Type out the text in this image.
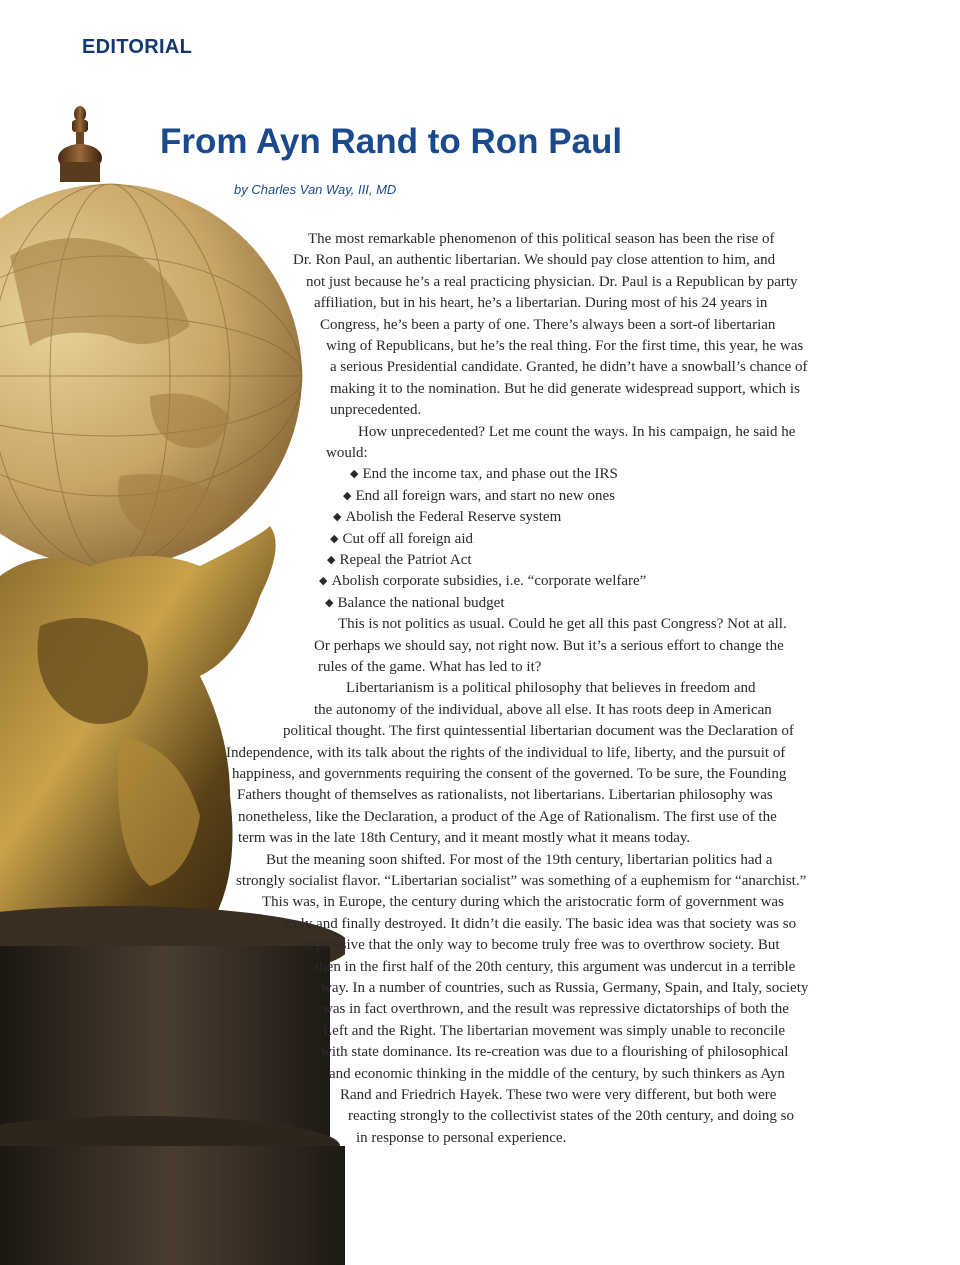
EDITORIAL
From Ayn Rand to Ron Paul
by Charles Van Way, III, MD
The most remarkable phenomenon of this political season has been the rise of
Dr. Ron Paul, an authentic libertarian. We should pay close attention to him, and
not just because he’s a real practicing physician. Dr. Paul is a Republican by party
affiliation, but in his heart, he’s a libertarian. During most of his 24 years in
Congress, he’s been a party of one. There’s always been a sort-of libertarian
wing of Republicans, but he’s the real thing. For the first time, this year, he was
a serious Presidential candidate. Granted, he didn’t have a snowball’s chance of
making it to the nomination. But he did generate widespread support, which is
unprecedented.
How unprecedented? Let me count the ways. In his campaign, he said he
would:
◆ End the income tax, and phase out the IRS
◆ End all foreign wars, and start no new ones
◆ Abolish the Federal Reserve system
◆ Cut off all foreign aid
◆ Repeal the Patriot Act
◆ Abolish corporate subsidies, i.e. “corporate welfare”
◆ Balance the national budget
This is not politics as usual. Could he get all this past Congress? Not at all.
Or perhaps we should say, not right now. But it’s a serious effort to change the
rules of the game. What has led to it?
Libertarianism is a political philosophy that believes in freedom and
the autonomy of the individual, above all else. It has roots deep in American
political thought. The first quintessential libertarian document was the Declaration of
Independence, with its talk about the rights of the individual to life, liberty, and the pursuit of
happiness, and governments requiring the consent of the governed. To be sure, the Founding
Fathers thought of themselves as rationalists, not libertarians. Libertarian philosophy was
nonetheless, like the Declaration, a product of the Age of Rationalism. The first use of the
term was in the late 18th Century, and it meant mostly what it means today.
But the meaning soon shifted. For most of the 19th century, libertarian politics had a
strongly socialist flavor. “Libertarian socialist” was something of a euphemism for “anarchist.”
This was, in Europe, the century during which the aristocratic form of government was
truly and finally destroyed. It didn’t die easily. The basic idea was that society was so
repressive that the only way to become truly free was to overthrow society. But
then in the first half of the 20th century, this argument was undercut in a terrible
way. In a number of countries, such as Russia, Germany, Spain, and Italy, society
was in fact overthrown, and the result was repressive dictatorships of both the
Left and the Right. The libertarian movement was simply unable to reconcile
with state dominance. Its re-creation was due to a flourishing of philosophical
and economic thinking in the middle of the century, by such thinkers as Ayn
Rand and Friedrich Hayek. These two were very different, but both were
reacting strongly to the collectivist states of the 20th century, and doing so
in response to personal experience.
